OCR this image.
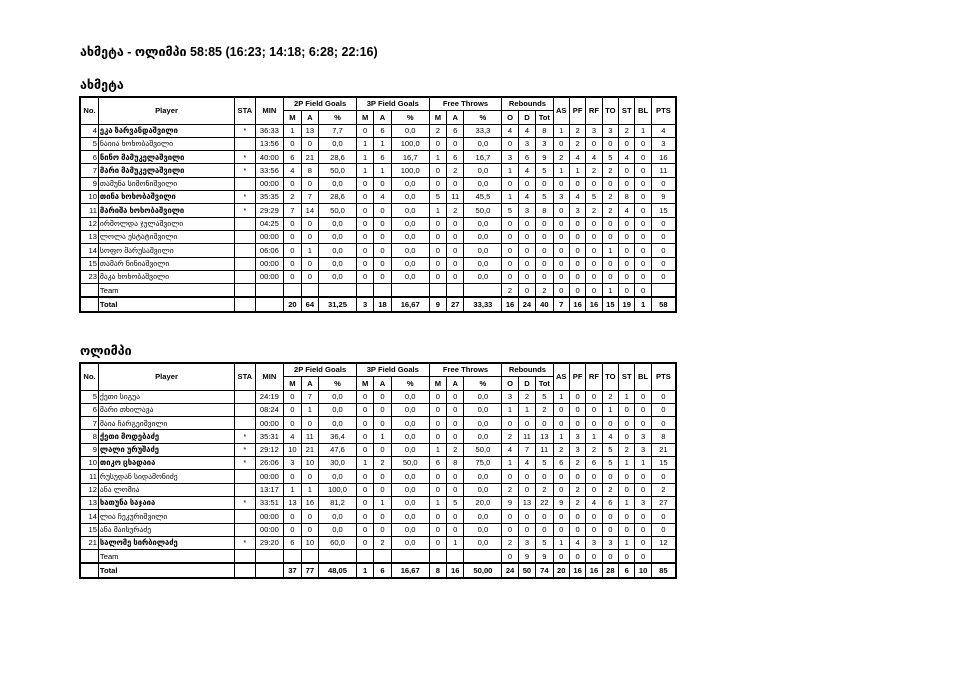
ახმეტა - ოლიმპი 58:85 (16:23; 14:18; 6:28; 22:16)
ახმეტა
No.	Player	STA	MIN	2P Field Goals			3P Field Goals			Free Throws			Rebounds			AS	PF	RF	TO	ST	BL	PTS
				M	A	%	M	A	%	M	A	%	O	D	Tot							
4	ეკა ზარვანდაშვილი	*	36:33	1	13	7,7	0	6	0,0	2	6	33,3	4	4	8	1	2	3	3	2	1	4
5	ნაიია ხოხობაშვილი		13:56	0	0	0,0	1	1	100,0	0	0	0,0	0	3	3	0	2	0	0	0	0	3
6	ნინო მამუკელაშვილი	*	40:00	6	21	28,6	1	6	16,7	1	6	16,7	3	6	9	2	4	4	5	4	0	16
7	მარი მამუკელაშვილი	*	33:56	4	8	50,0	1	1	100,0	0	2	0,0	1	4	5	1	1	2	2	0	0	11
9	თამუნა სიმონიშვილი		00:00	0	0	0,0	0	0	0,0	0	0	0,0	0	0	0	0	0	0	0	0	0	0
10	თინა ხოხობაშვილი	*	35:35	2	7	28,6	0	4	0,0	5	11	45,5	1	4	5	3	4	5	2	8	0	9
11	მარიშა ხოხობაშვილი	*	29:29	7	14	50,0	0	0	0,0	1	2	50,0	5	3	8	0	3	2	2	4	0	15
12	ირმოლდა ჯულაშვილი		04:25	0	0	0,0	0	0	0,0	0	0	0,0	0	0	0	0	0	0	0	0	0	0
13	ლოლა ესტატიშვილი		00:00	0	0	0,0	0	0	0,0	0	0	0,0	0	0	0	0	0	0	0	0	0	0
14	სოფო მარუსაშვილი		06:06	0	1	0,0	0	0	0,0	0	0	0,0	0	0	0	0	0	0	1	0	0	0
15	თამარ ნინიაშვილი		00:00	0	0	0,0	0	0	0,0	0	0	0,0	0	0	0	0	0	0	0	0	0	0
23	მაკა ხოხობაშვილი		00:00	0	0	0,0	0	0	0,0	0	0	0,0	0	0	0	0	0	0	0	0	0	0
	Team												2	0	2	0	0	0	1	0	0	
	Total			20	64	31,25	3	18	16,67	9	27	33,33	16	24	40	7	16	16	15	19	1	58
ოლიმპი
No.	Player	STA	MIN	2P Field Goals			3P Field Goals			Free Throws			Rebounds			AS	PF	RF	TO	ST	BL	PTS
				M	A	%	M	A	%	M	A	%	O	D	Tot							
5	ქეთი სიგუა		24:19	0	7	0,0	0	0	0,0	0	0	0,0	3	2	5	1	0	0	2	1	0	0
6	მარი თხილავა		08:24	0	1	0,0	0	0	0,0	0	0	0,0	1	1	2	0	0	0	1	0	0	0
7	მაია ჩარგეიშვილი		00:00	0	0	0,0	0	0	0,0	0	0	0,0	0	0	0	0	0	0	0	0	0	0
8	ქეთი მოდებაძე	*	35:31	4	11	36,4	0	1	0,0	0	0	0,0	2	11	13	1	3	1	4	0	3	8
9	ლალი ურუშაძე	*	29:12	10	21	47,6	0	0	0,0	1	2	50,0	4	7	11	2	3	2	5	2	3	21
10	თიკო ცხადაია	*	26:06	3	10	30,0	1	2	50,0	6	8	75,0	1	4	5	6	2	6	5	1	1	15
11	რუსუდან სიდამონიძე		00:00	0	0	0,0	0	0	0,0	0	0	0,0	0	0	0	0	0	0	0	0	0	0
12	ანა ლომია		13:17	1	1	100,0	0	0	0,0	0	0	0,0	2	0	2	0	2	0	2	0	0	2
13	ხათუნა საჯაია	*	33:51	13	16	81,2	0	1	0,0	1	5	20,0	9	13	22	9	2	4	6	1	3	27
14	ლია ჩეკურიშვილი		00:00	0	0	0,0	0	0	0,0	0	0	0,0	0	0	0	0	0	0	0	0	0	0
15	ანა მაისურაძე		00:00	0	0	0,0	0	0	0,0	0	0	0,0	0	0	0	0	0	0	0	0	0	0
21	სალომე სირბილაძე	*	29:20	6	10	60,0	0	2	0,0	0	1	0,0	2	3	5	1	4	3	3	1	0	12
	Team												0	9	9	0	0	0	0	0	0	
	Total			37	77	48,05	1	6	16,67	8	16	50,00	24	50	74	20	16	16	28	6	10	85
